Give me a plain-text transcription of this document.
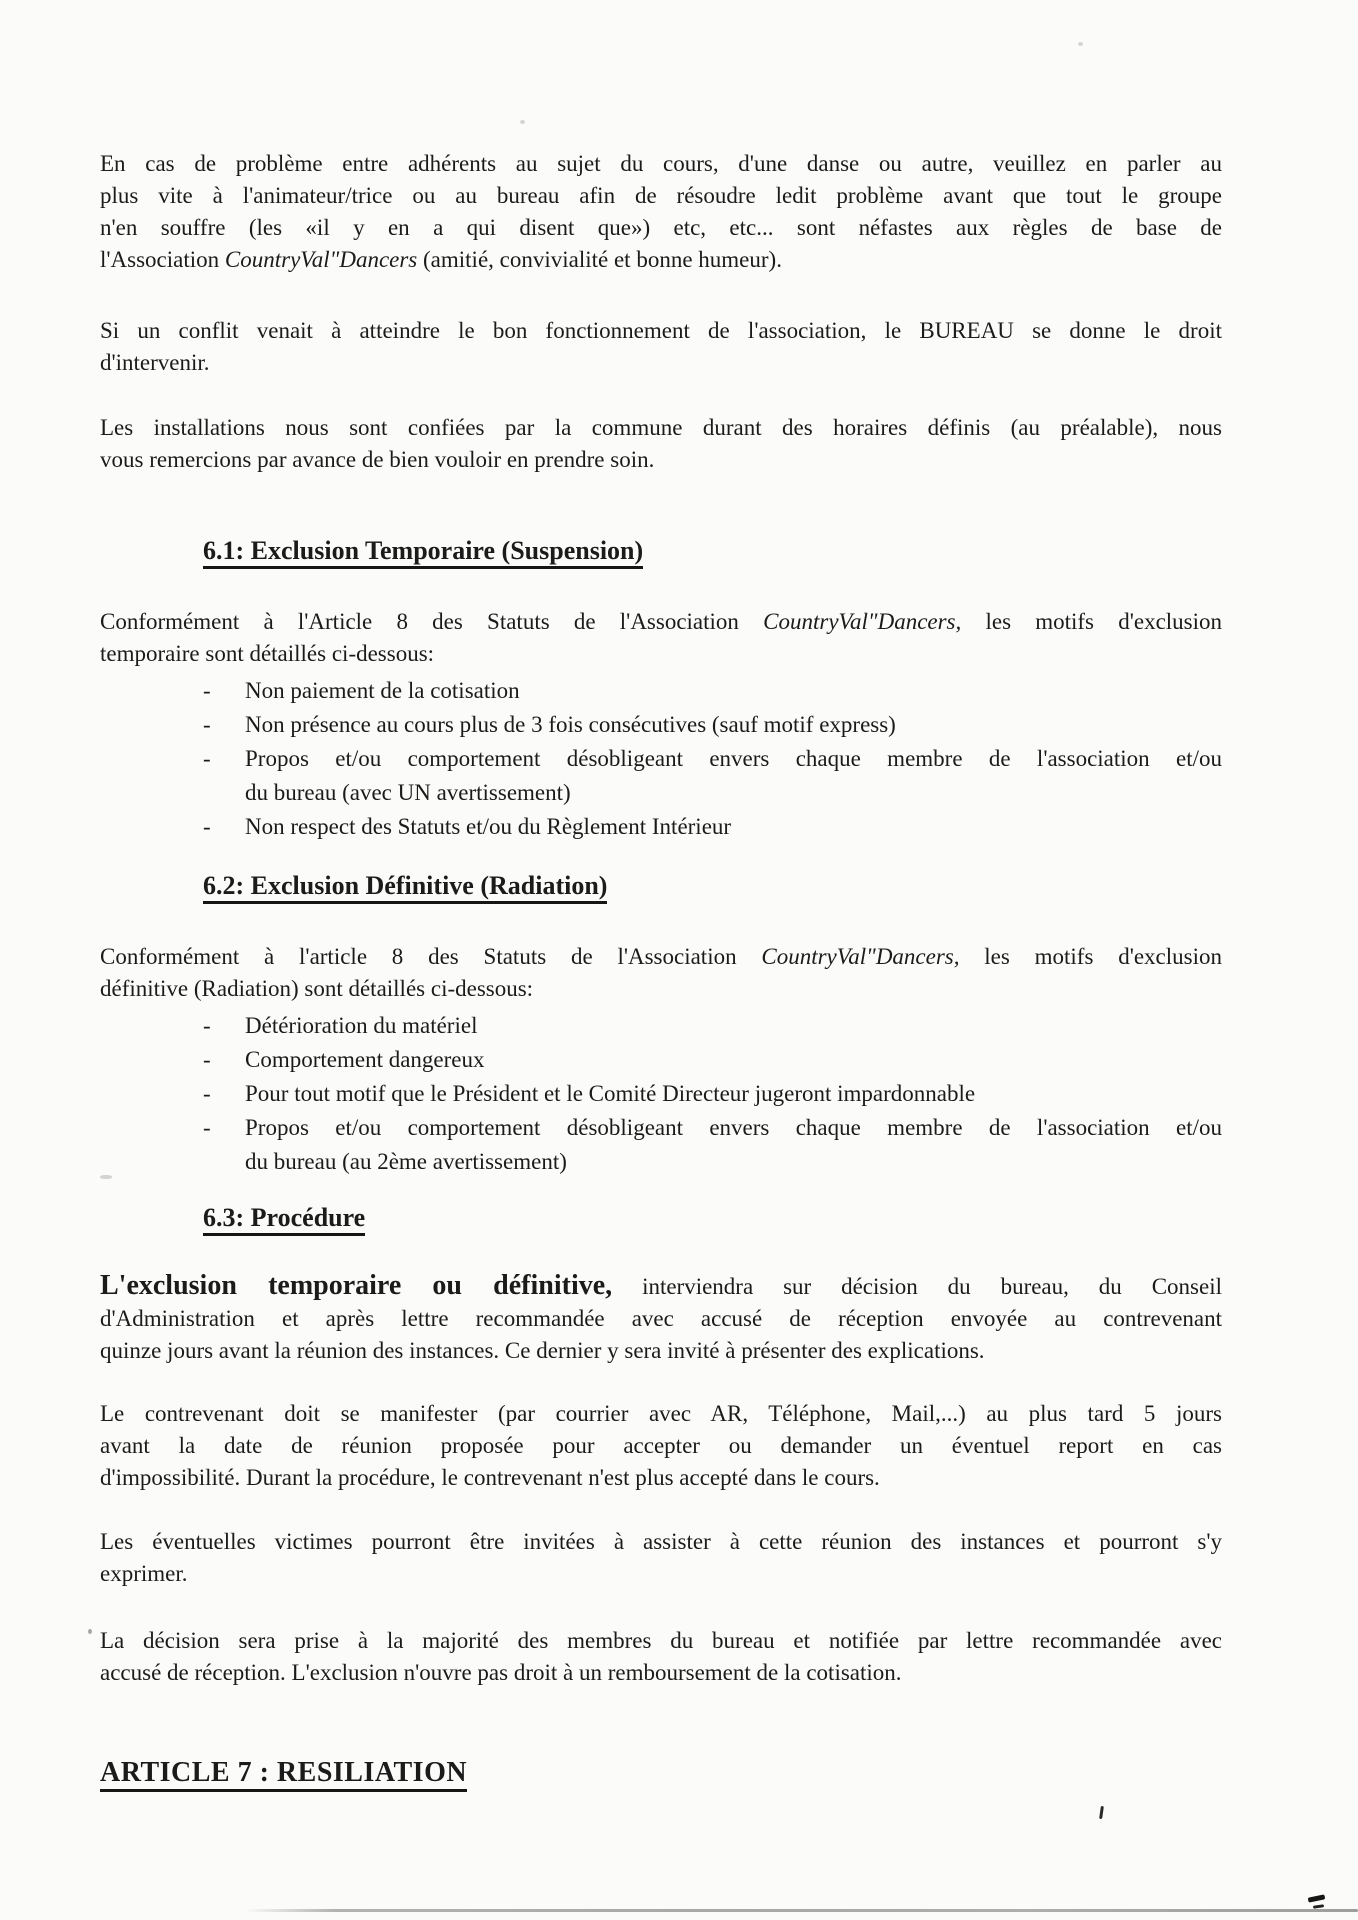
En cas de problème entre adhérents au sujet du cours, d'une danse ou autre, veuillez en parler au
plus vite à l'animateur/trice ou au bureau afin de résoudre ledit problème avant que tout le groupe
n'en souffre (les «il y en a qui disent que») etc, etc... sont néfastes aux règles de base de
l'Association CountryVal"Dancers (amitié, convivialité et bonne humeur).
Si un conflit venait à atteindre le bon fonctionnement de l'association, le BUREAU se donne le droit
d'intervenir.
Les installations nous sont confiées par la commune durant des horaires définis (au préalable), nous
vous remercions par avance de bien vouloir en prendre soin.
6.1: Exclusion Temporaire (Suspension)
Conformément à l'Article 8 des Statuts de l'Association CountryVal"Dancers, les motifs d'exclusion
temporaire sont détaillés ci-dessous:
- Non paiement de la cotisation
- Non présence au cours plus de 3 fois consécutives (sauf motif express)
- Propos et/ou comportement désobligeant envers chaque membre de l'association et/ou
du bureau (avec UN avertissement)
- Non respect des Statuts et/ou du Règlement Intérieur
6.2: Exclusion Définitive (Radiation)
Conformément à l'article 8 des Statuts de l'Association CountryVal"Dancers, les motifs d'exclusion
définitive (Radiation) sont détaillés ci-dessous:
- Détérioration du matériel
- Comportement dangereux
- Pour tout motif que le Président et le Comité Directeur jugeront impardonnable
- Propos et/ou comportement désobligeant envers chaque membre de l'association et/ou
du bureau (au 2ème avertissement)
6.3: Procédure
L'exclusion temporaire ou définitive, interviendra sur décision du bureau, du Conseil
d'Administration et après lettre recommandée avec accusé de réception envoyée au contrevenant
quinze jours avant la réunion des instances. Ce dernier y sera invité à présenter des explications.
Le contrevenant doit se manifester (par courrier avec AR, Téléphone, Mail,...) au plus tard 5 jours
avant la date de réunion proposée pour accepter ou demander un éventuel report en cas
d'impossibilité. Durant la procédure, le contrevenant n'est plus accepté dans le cours.
Les éventuelles victimes pourront être invitées à assister à cette réunion des instances et pourront s'y
exprimer.
La décision sera prise à la majorité des membres du bureau et notifiée par lettre recommandée avec
accusé de réception. L'exclusion n'ouvre pas droit à un remboursement de la cotisation.
ARTICLE 7 : RESILIATION
